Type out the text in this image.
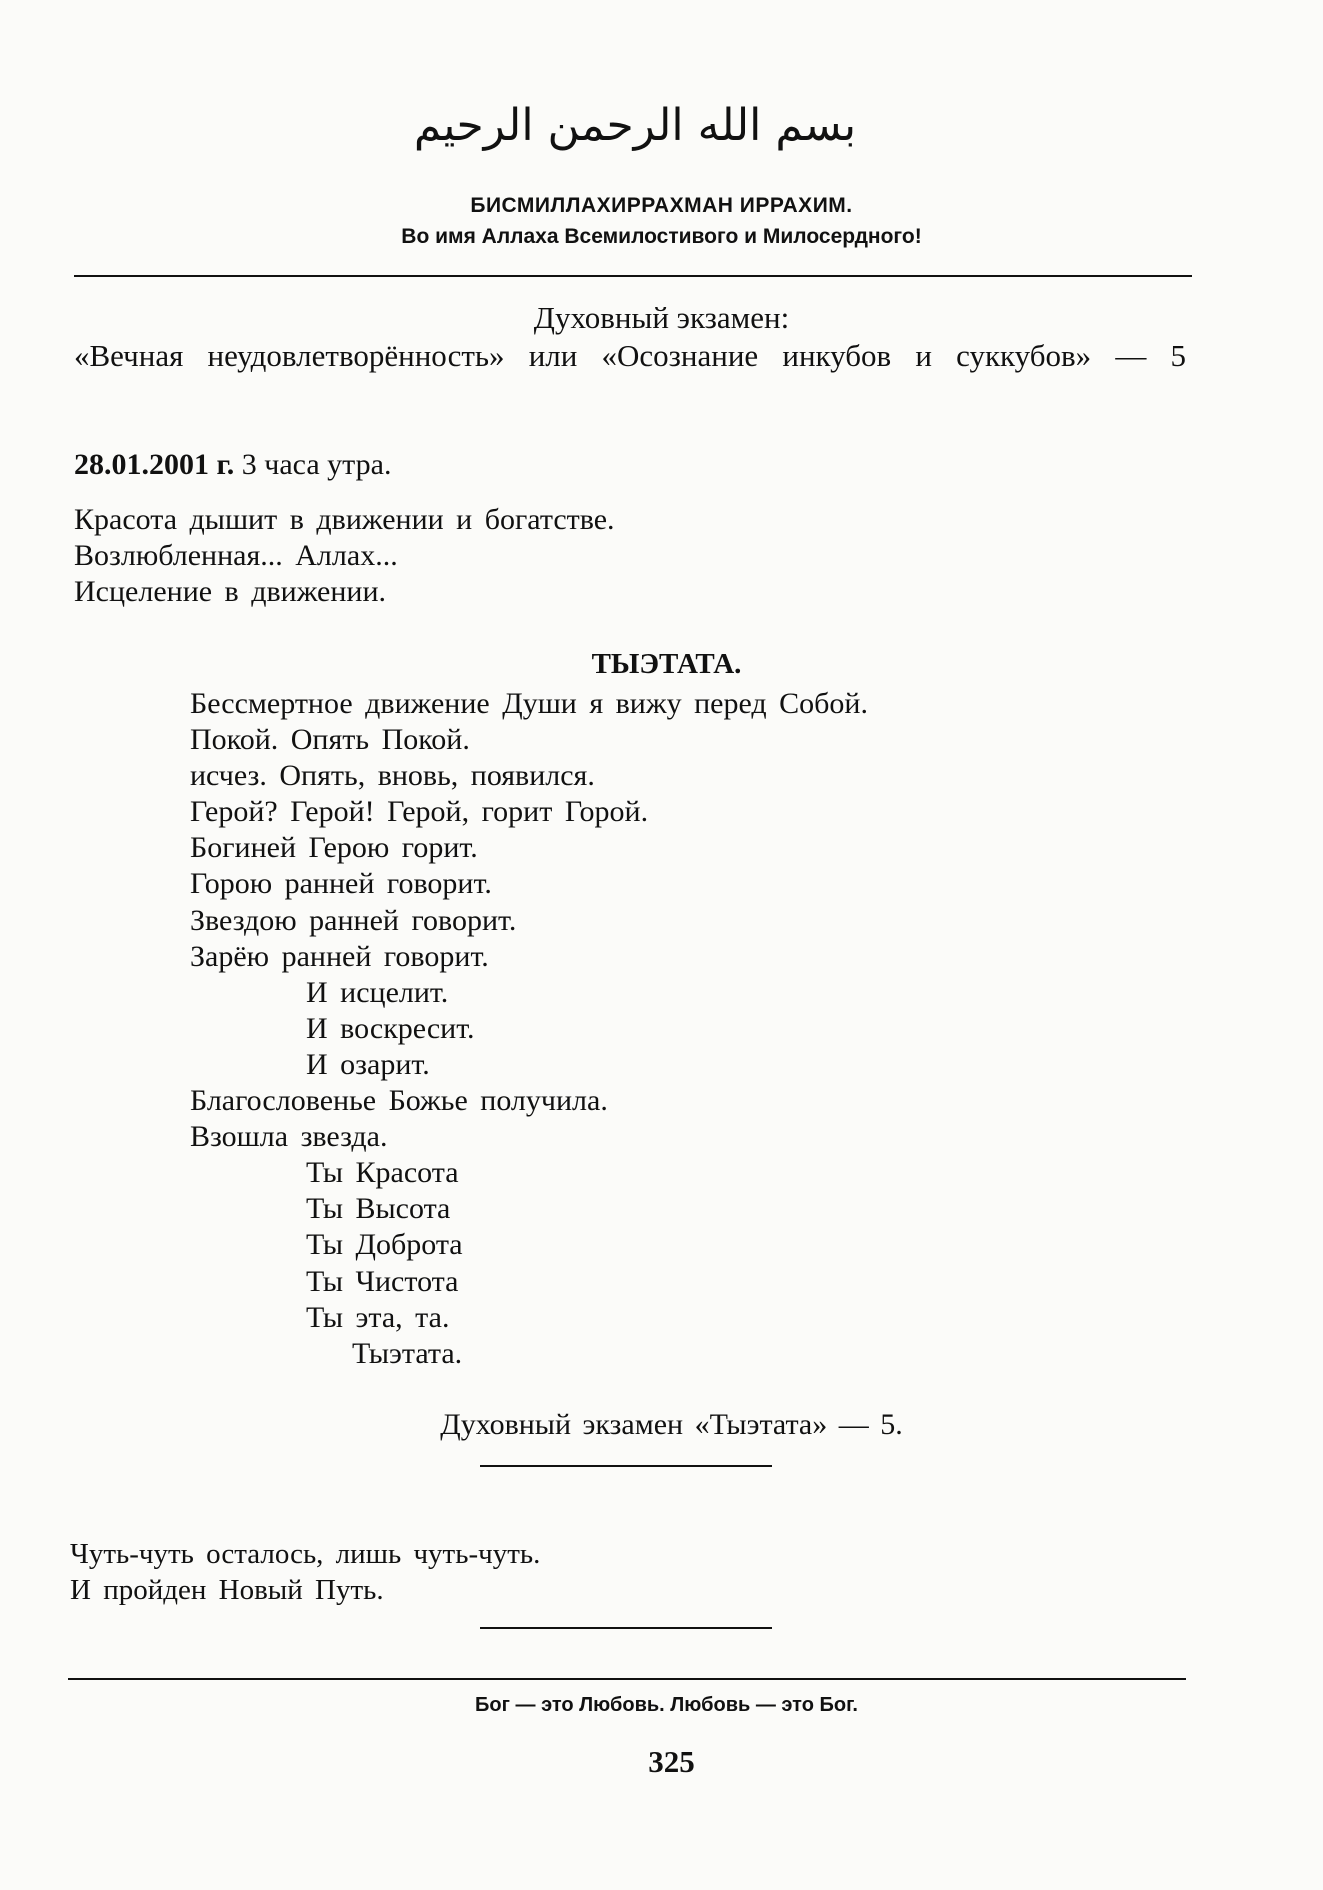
بسم الله الرحمن الرحيم
БИСМИЛЛАХИРРАХМАН ИРРАХИМ.
Во имя Аллаха Всемилостивого и Милосердного!
Духовный экзамен:
«Вечная неудовлетворённость» или «Осознание инкубов и суккубов» — 5
28.01.2001 г. 3 часа утра.
Красота дышит в движении и богатстве.
Возлюбленная... Аллах...
Исцеление в движении.
ТЫЭТАТА.
Бессмертное движение Души я вижу перед Собой.
Покой. Опять Покой.
исчез. Опять, вновь, появился.
Герой? Герой! Герой, горит Горой.
Богиней Герою горит.
Горою ранней говорит.
Звездою ранней говорит.
Зарёю ранней говорит.
И исцелит.
И воскресит.
И озарит.
Благословенье Божье получила.
Взошла звезда.
Ты Красота
Ты Высота
Ты Доброта
Ты Чистота
Ты эта, та.
Тыэтата.
Духовный экзамен «Тыэтата» — 5.
Чуть-чуть осталось, лишь чуть-чуть.
И пройден Новый Путь.
Бог — это Любовь. Любовь — это Бог.
325
